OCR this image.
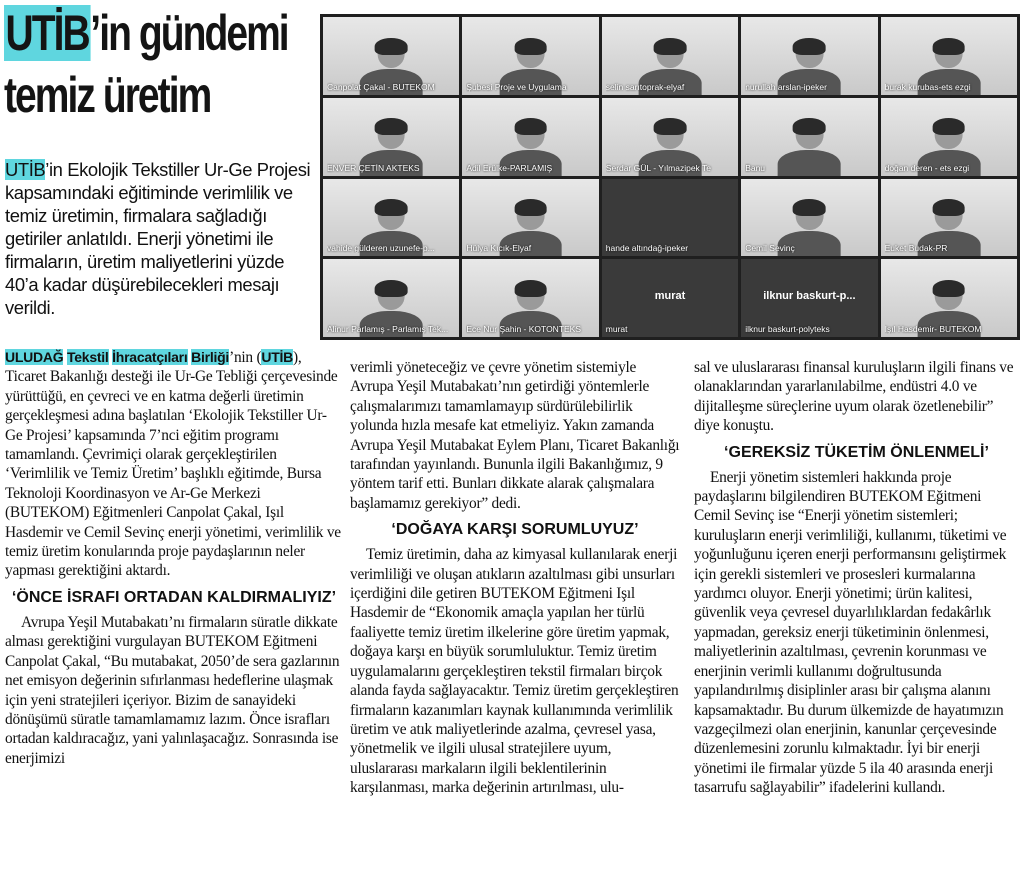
UTİB’in gündemi
temiz üretim
UTİB’in Ekolojik Tekstiller Ur-Ge Projesi kapsamındaki eğitiminde verimlilik ve temiz üretimin, firmalara sağladığı getiriler anlatıldı. Enerji yönetimi ile firmaların, üretim maliyetlerini yüzde 40’a kadar düşürebilecekleri mesajı verildi.
Canpolat Çakal - BUTEKOM	Şubesi Proje ve Uygulama	selin sarıtoprak-elyaf	nurullah arslan-ipeker	burak kurubas-ets ezgi
ENVER ÇETİN AKTEKS	Adil Erülke-PARLAMIŞ	Serdar GÜL - Yılmazipek Te	Banu	doğan deren - ets ezgi
vahide gülderen uzunefe-p...	Hülya Kıcık-Elyaf	hande altındağ-ipeker	Cemil Sevinç	Euket Budak-PR
Alinur Parlamış - Parlamış Tek...	Ece Nur Şahin - KOTONTEKS
murat
murat
ilknur baskurt-p...
ilknur baskurt-polyteks	Işıl Hasdemir- BUTEKOM

ULUDAĞ Tekstil İhracatçıları Birliği’nin (UTİB), Ticaret Bakanlığı desteği ile Ur-Ge Tebliği çerçevesinde yürüttüğü, en çevreci ve en katma değerli üretimin gerçekleşmesi adına başlatılan ‘Ekolojik Tekstiller Ur-Ge Projesi’ kapsamında 7’nci eğitim programı tamamlandı. Çevrimiçi olarak gerçekleştirilen ‘Verimlilik ve Temiz Üretim’ başlıklı eğitimde, Bursa Teknoloji Koordinasyon ve Ar-Ge Merkezi (BUTEKOM) Eğitmenleri Canpolat Çakal, Işıl Hasdemir ve Cemil Sevinç enerji yönetimi, verimlilik ve temiz üretim konularında proje paydaşlarının neler yapması gerektiğini aktardı.

‘ÖNCE İSRAFI ORTADAN KALDIRMALIYIZ’

Avrupa Yeşil Mutabakatı’nı firmaların süratle dikkate alması gerektiğini vurgulayan BUTEKOM Eğitmeni Canpolat Çakal, “Bu mutabakat, 2050’de sera gazlarının net emisyon değerinin sıfırlanması hedeflerine ulaşmak için yeni stratejileri içeriyor. Bizim de sanayideki dönüşümü süratle tamamlamamız lazım. Önce israfları ortadan kaldıracağız, yani yalınlaşacağız. Sonrasında ise enerjimizi

verimli yöneteceğiz ve çevre yönetim sistemiyle Avrupa Yeşil Mutabakatı’nın getirdiği yöntemlerle çalışmalarımızı tamamlamayıp sürdürülebilirlik yolunda hızla mesafe kat etmeliyiz. Yakın zamanda Avrupa Yeşil Mutabakat Eylem Planı, Ticaret Bakanlığı tarafından yayınlandı. Bununla ilgili Bakanlığımız, 9 yöntem tarif etti. Bunları dikkate alarak çalışmalara başlamamız gerekiyor” dedi.

‘DOĞAYA KARŞI SORUMLUYUZ’

Temiz üretimin, daha az kimyasal kullanılarak enerji verimliliği ve oluşan atıkların azaltılması gibi unsurları içerdiğini dile getiren BUTEKOM Eğitmeni Işıl Hasdemir de “Ekonomik amaçla yapılan her türlü faaliyette temiz üretim ilkelerine göre üretim yapmak, doğaya karşı en büyük sorumluluktur. Temiz üretim uygulamalarını gerçekleştiren tekstil firmaları birçok alanda fayda sağlayacaktır. Temiz üretim gerçekleştiren firmaların kazanımları kaynak kullanımında verimlilik üretim ve atık maliyetlerinde azalma, çevresel yasa, yönetmelik ve ilgili ulusal stratejilere uyum, uluslararası markaların ilgili beklentilerinin karşılanması, marka değerinin artırılması, ulu-

sal ve uluslararası finansal kuruluşların ilgili finans ve olanaklarından yararlanılabilme, endüstri 4.0 ve dijitalleşme süreçlerine uyum olarak özetlenebilir” diye konuştu.

‘GEREKSİZ TÜKETİM ÖNLENMELİ’

Enerji yönetim sistemleri hakkında proje paydaşlarını bilgilendiren BUTEKOM Eğitmeni Cemil Sevinç ise “Enerji yönetim sistemleri; kuruluşların enerji verimliliği, kullanımı, tüketimi ve yoğunluğunu içeren enerji performansını geliştirmek için gerekli sistemleri ve prosesleri kurmalarına yardımcı oluyor. Enerji yönetimi; ürün kalitesi, güvenlik veya çevresel duyarlılıklardan fedakârlık yapmadan, gereksiz enerji tüketiminin önlenmesi, maliyetlerinin azaltılması, çevrenin korunması ve enerjinin verimli kullanımı doğrultusunda yapılandırılmış disiplinler arası bir çalışma alanını kapsamaktadır. Bu durum ülkemizde de hayatımızın vazgeçilmezi olan enerjinin, kanunlar çerçevesinde düzenlemesini zorunlu kılmaktadır. İyi bir enerji yönetimi ile firmalar yüzde 5 ila 40 arasında enerji tasarrufu sağlayabilir” ifadelerini kullandı.
